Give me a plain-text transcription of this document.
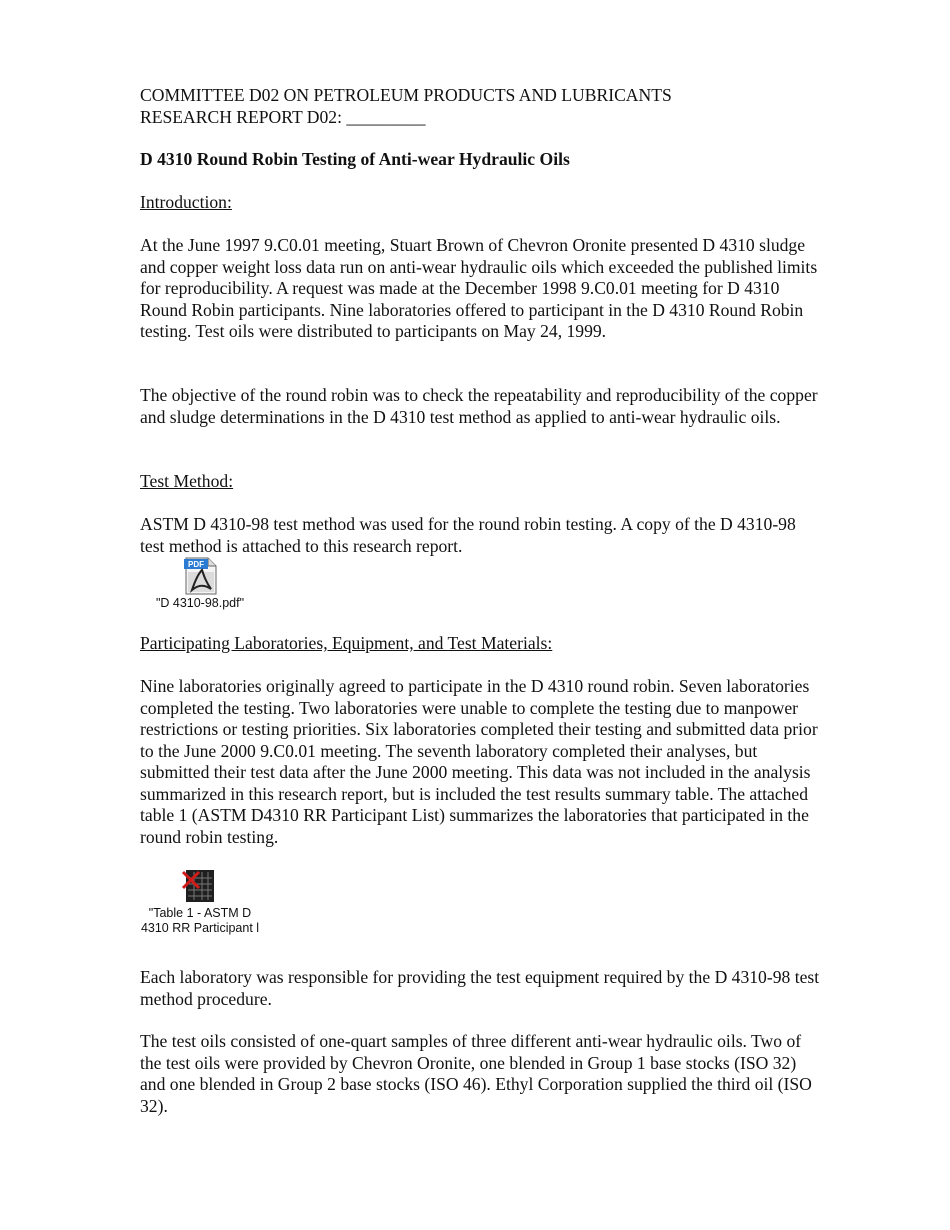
COMMITTEE D02 ON PETROLEUM PRODUCTS AND LUBRICANTS
RESEARCH REPORT D02: _________

D 4310 Round Robin Testing of Anti-wear Hydraulic Oils

Introduction:

At the June 1997 9.C0.01 meeting, Stuart Brown of Chevron Oronite presented D 4310 sludge and copper weight loss data run on anti-wear hydraulic oils which exceeded the published limits for reproducibility. A request was made at the December 1998 9.C0.01 meeting for D 4310 Round Robin participants. Nine laboratories offered to participant in the D 4310 Round Robin testing. Test oils were distributed to participants on May 24, 1999.

The objective of the round robin was to check the repeatability and reproducibility of the copper and sludge determinations in the D 4310 test method as applied to anti-wear hydraulic oils.

Test Method:

ASTM D 4310-98 test method was used for the round robin testing. A copy of the D 4310-98 test method is attached to this research report.

PDF
"D 4310-98.pdf"

Participating Laboratories, Equipment, and Test Materials:

Nine laboratories originally agreed to participate in the D 4310 round robin. Seven laboratories completed the testing. Two laboratories were unable to complete the testing due to manpower restrictions or testing priorities. Six laboratories completed their testing and submitted data prior to the June 2000 9.C0.01 meeting. The seventh laboratory completed their analyses, but submitted their test data after the June 2000 meeting. This data was not included in the analysis summarized in this research report, but is included the test results summary table. The attached table 1 (ASTM D4310 RR Participant List) summarizes the laboratories that participated in the round robin testing.

"Table 1 - ASTM D
4310 RR Participant l

Each laboratory was responsible for providing the test equipment required by the D 4310-98 test method procedure.

The test oils consisted of one-quart samples of three different anti-wear hydraulic oils. Two of the test oils were provided by Chevron Oronite, one blended in Group 1 base stocks (ISO 32) and one blended in Group 2 base stocks (ISO 46). Ethyl Corporation supplied the third oil (ISO 32).
